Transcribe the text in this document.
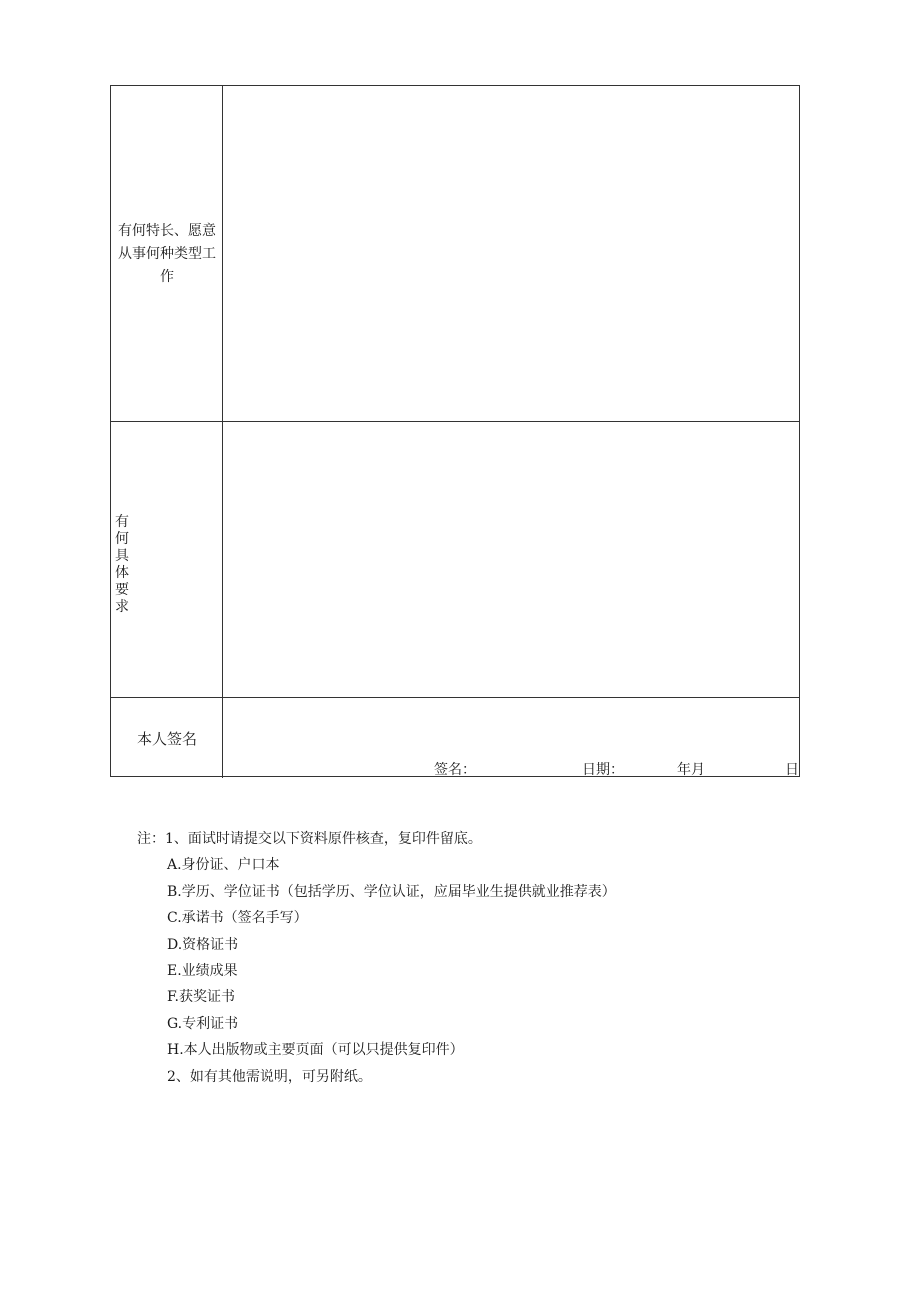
有何特长、愿意
从事何种类型工
作
有
何
具
体
要
求
本人签名
签名：	日期：	年月	日
注：1、面试时请提交以下资料原件核查，复印件留底。
A.身份证、户口本
B.学历、学位证书（包括学历、学位认证，应届毕业生提供就业推荐表）
C.承诺书（签名手写）
D.资格证书
E.业绩成果
F.获奖证书
G.专利证书
H.本人出版物或主要页面（可以只提供复印件）
2、如有其他需说明，可另附纸。
